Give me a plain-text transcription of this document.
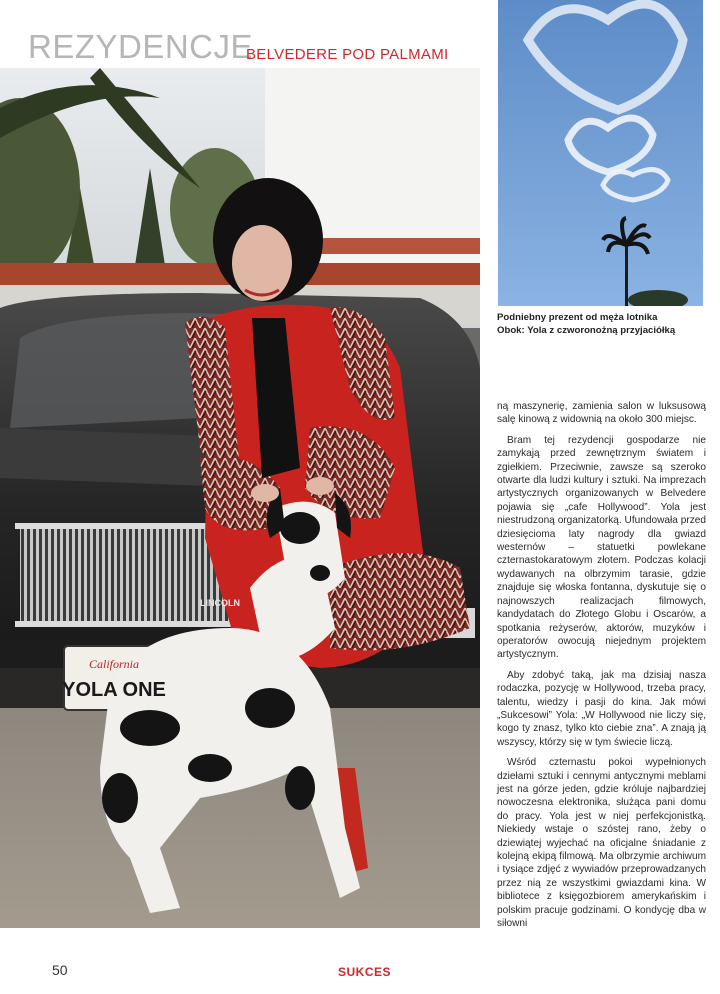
REZYDENCJE
BELVEDERE POD PALMAMI
California
YOLA ONE
LINCOLN
Podniebny prezent od męża lotnika
Obok: Yola z czworonożną przyjaciółką

ną maszynerię, zamienia salon w luksusową salę kinową z widownią na około 300 miejsc.

Bram tej rezydencji gospodarze nie zamykają przed zewnętrznym światem i zgiełkiem. Przeciwnie, zawsze są szeroko otwarte dla ludzi kultury i sztuki. Na imprezach artystycznych organizowanych w Belvedere pojawia się „cafe Hollywood”. Yola jest niestrudzoną organizatorką. Ufundowała przed dziesięcioma laty nagrody dla gwiazd westernów – statuetki powlekane czternastokaratowym złotem. Podczas kolacji wydawanych na olbrzymim tarasie, gdzie znajduje się włoska fontanna, dyskutuje się o najnowszych realizacjach filmowych, kandydatach do Złotego Globu i Oscarów, a spotkania reżyserów, aktorów, muzyków i operatorów owocują niejednym projektem artystycznym.

Aby zdobyć taką, jak ma dzisiaj nasza rodaczka, pozycję w Hollywood, trzeba pracy, talentu, wiedzy i pasji do kina. Jak mówi „Sukcesowi” Yola: „W Hollywood nie liczy się, kogo ty znasz, tylko kto ciebie zna”. A znają ją wszyscy, którzy się w tym świecie liczą.

Wśród czternastu pokoi wypełnionych dziełami sztuki i cennymi antycznymi meblami jest na górze jeden, gdzie króluje najbardziej nowoczesna elektronika, służąca pani domu do pracy. Yola jest w niej perfekcjonistką. Niekiedy wstaje o szóstej rano, żeby o dziewiątej wyjechać na oficjalne śniadanie z kolejną ekipą filmową. Ma olbrzymie archiwum i tysiące zdjęć z wywiadów przeprowadzanych przez nią ze wszystkimi gwiazdami kina. W bibliotece z księgozbiorem amerykańskim i polskim pracuje godzinami. O kondycję dba w siłowni

50	SUKCES
